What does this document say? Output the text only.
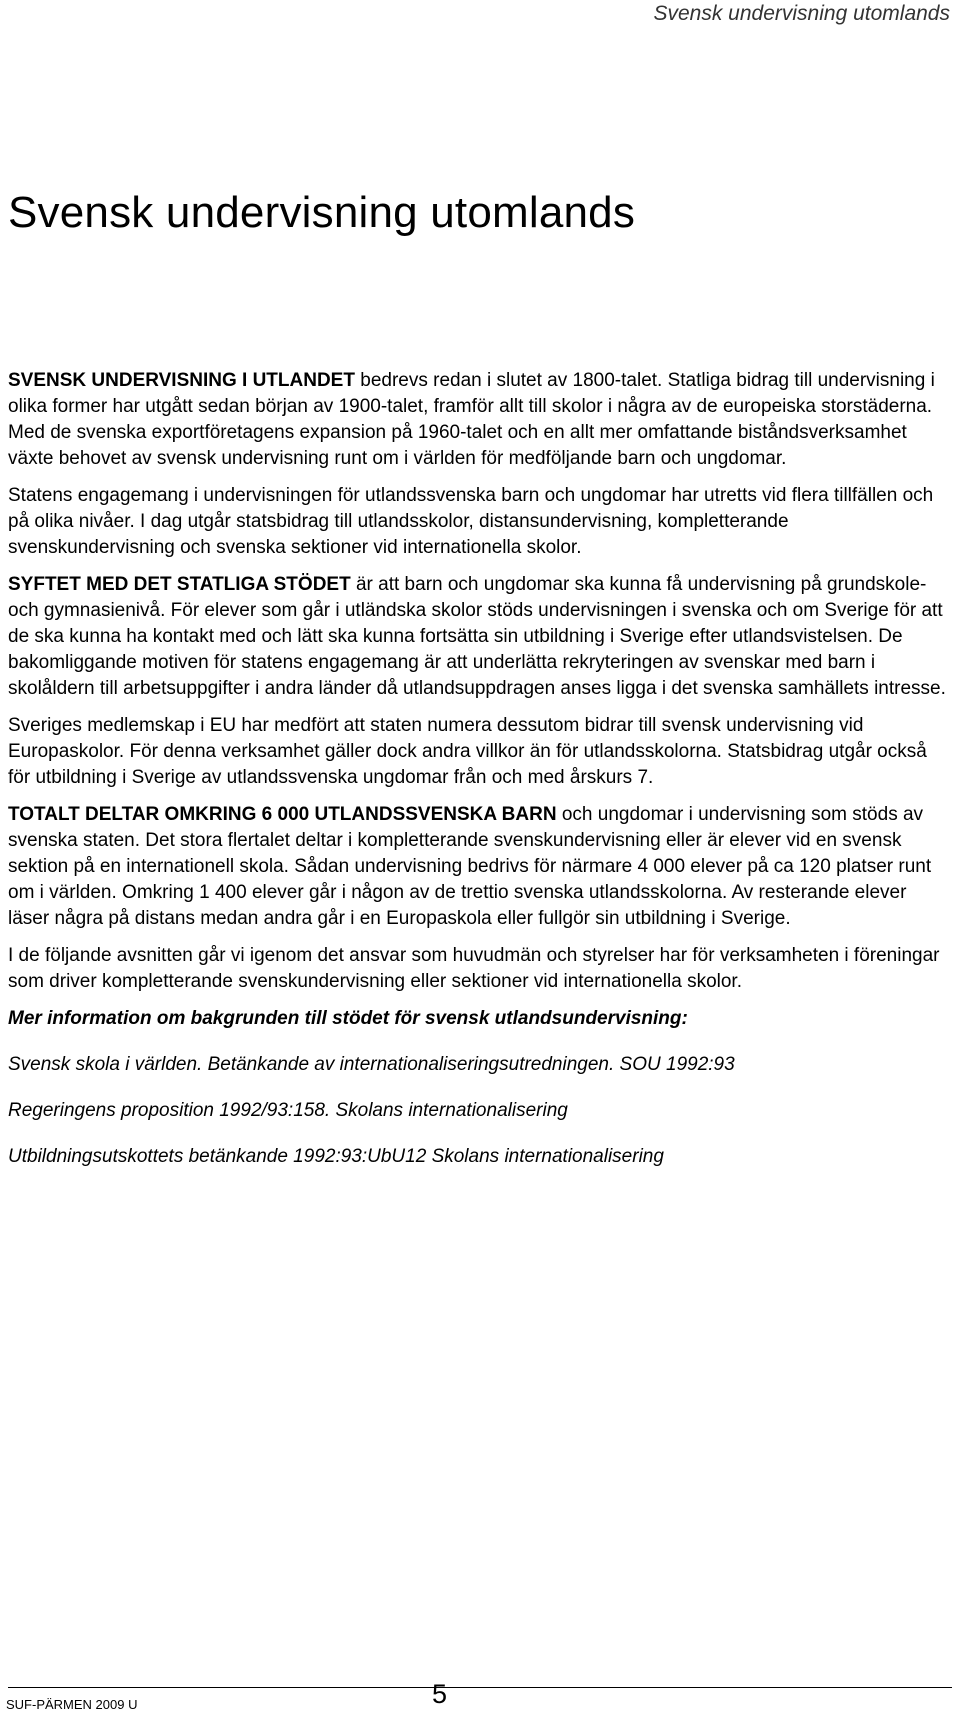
Svensk undervisning utomlands
Svensk undervisning utomlands

SVENSK UNDERVISNING I UTLANDET bedrevs redan i slutet av 1800-talet. Statliga bidrag till undervisning i olika former har utgått sedan början av 1900-talet, framför allt till skolor i några av de europeiska storstäderna. Med de svenska exportföretagens expansion på 1960-talet och en allt mer omfattande biståndsverksamhet växte behovet av svensk undervisning runt om i världen för medföljande barn och ungdomar.

Statens engagemang i undervisningen för utlandssvenska barn och ungdomar har utretts vid flera tillfällen och på olika nivåer. I dag utgår statsbidrag till utlandsskolor, distansundervisning, kompletterande svenskundervisning och svenska sektioner vid internationella skolor.

SYFTET MED DET STATLIGA STÖDET är att barn och ungdomar ska kunna få undervisning på grundskole- och gymnasienivå. För elever som går i utländska skolor stöds undervisningen i svenska och om Sverige för att de ska kunna ha kontakt med och lätt ska kunna fortsätta sin utbildning i Sverige efter utlandsvistelsen. De bakomliggande motiven för statens engagemang är att underlätta rekryteringen av svenskar med barn i skolåldern till arbetsuppgifter i andra länder då utlandsuppdragen anses ligga i det svenska samhällets intresse.

Sveriges medlemskap i EU har medfört att staten numera dessutom bidrar till svensk undervisning vid Europaskolor. För denna verksamhet gäller dock andra villkor än för utlandsskolorna. Statsbidrag utgår också för utbildning i Sverige av utlandssvenska ungdomar från och med årskurs 7.

TOTALT DELTAR OMKRING 6 000 UTLANDSSVENSKA BARN och ungdomar i undervisning som stöds av svenska staten. Det stora flertalet deltar i kompletterande svenskundervisning eller är elever vid en svensk sektion på en internationell skola. Sådan undervisning bedrivs för närmare 4 000 elever på ca 120 platser runt om i världen. Omkring 1 400 elever går i någon av de trettio svenska utlandsskolorna. Av resterande elever läser några på distans medan andra går i en Europaskola eller fullgör sin utbildning i Sverige.

I de följande avsnitten går vi igenom det ansvar som huvudmän och styrelser har för verksamheten i föreningar som driver kompletterande svenskundervisning eller sektioner vid internationella skolor.

Mer information om bakgrunden till stödet för svensk utlandsundervisning:

Svensk skola i världen. Betänkande av internationaliseringsutredningen. SOU 1992:93

Regeringens proposition 1992/93:158. Skolans internationalisering

Utbildningsutskottets betänkande 1992:93:UbU12 Skolans internationalisering

SUF-PÄRMEN 2009 U	5
